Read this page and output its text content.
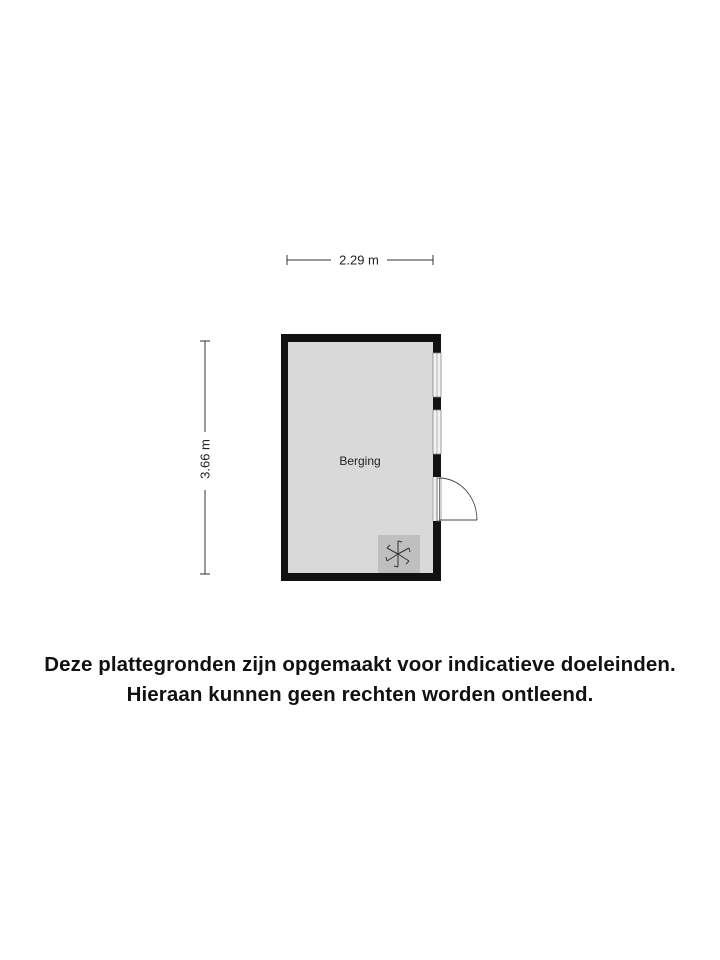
2.29 m
3.66 m	Berging
Deze plattegronden zijn opgemaakt voor indicatieve doeleinden.
Hieraan kunnen geen rechten worden ontleend.
